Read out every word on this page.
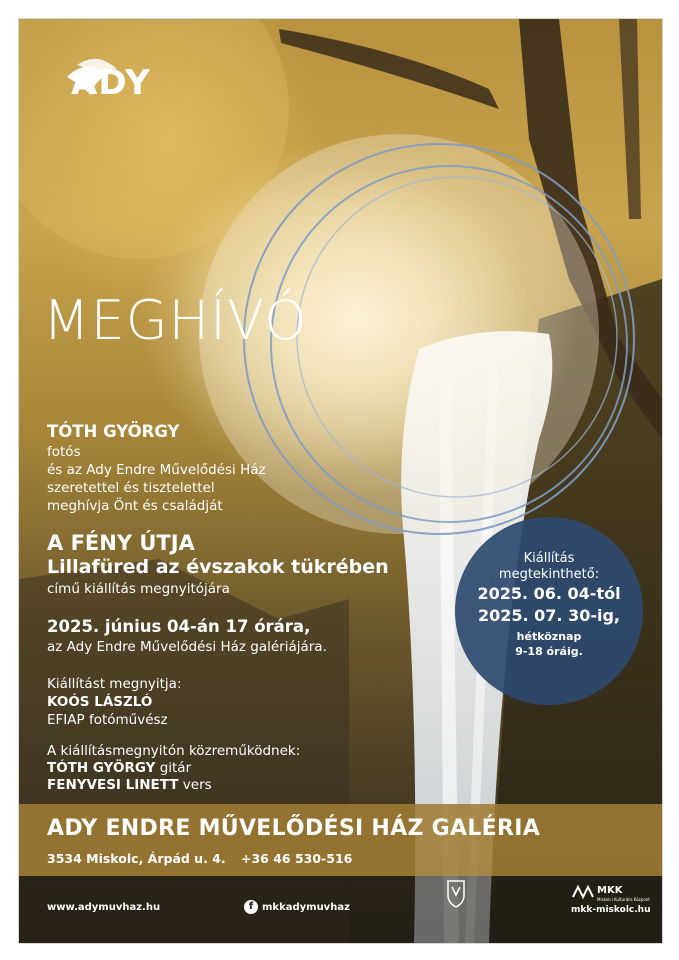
ADY
MEGHÍVÓ
TÓTH GYÖRGY
fotós
és az Ady Endre Művelődési Ház
szeretettel és tisztelettel
meghívja Önt és családját
A FÉNY ÚTJA
Lillafüred az évszakok tükrében
című kiállítás megnyitójára
2025. június 04-án 17 órára,
az Ady Endre Művelődési Ház galériájára.
Kiállítást megnyitja:
KOÓS LÁSZLÓ
EFIAP fotóművész
A kiállításmegnyitón közreműködnek:
TÓTH GYÖRGY gitár
FENYVESI LINETT vers
Kiállítás
megtekinthető:
2025. 06. 04-tól
2025. 07. 30-ig,
hétköznap
9-18 óráig.
ADY ENDRE MŰVELŐDÉSI HÁZ GALÉRIA
3534 Miskolc, Árpád u. 4. +36 46 530-516
www.adymuvhaz.hu	f mkkadymuvhaz
MKK
Miskolci Kulturális Központ
mkk-miskolc.hu
